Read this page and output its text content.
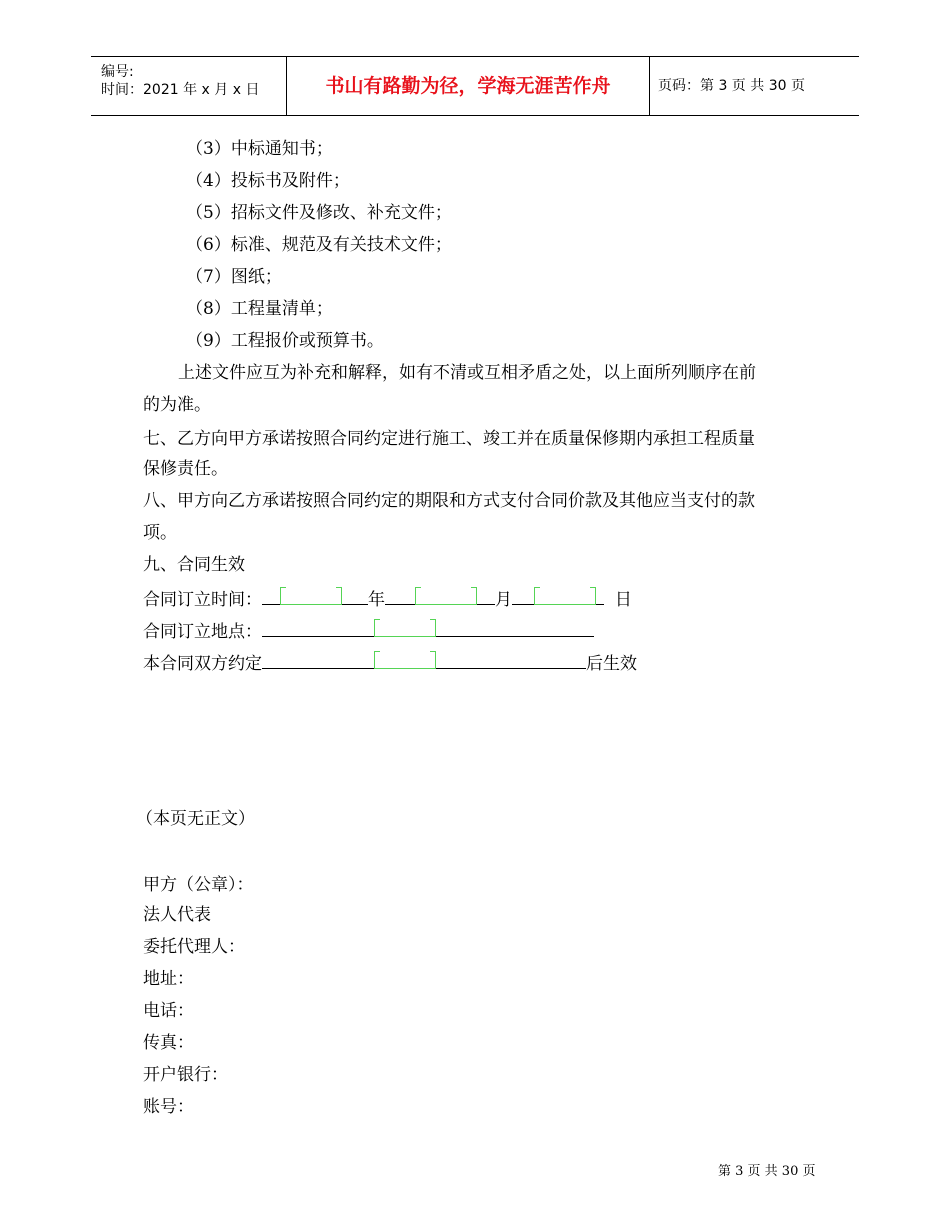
编号:
时间：2021 年 x 月 x 日	书山有路勤为径，学海无涯苦作舟	页码：第 3 页 共 30 页
（3）中标通知书；
（4）投标书及附件；
（5）招标文件及修改、补充文件；
（6）标准、规范及有关技术文件；
（7）图纸；
（8）工程量清单；
（9）工程报价或预算书。
上述文件应互为补充和解释，如有不清或互相矛盾之处，以上面所列顺序在前
的为准。
七、乙方向甲方承诺按照合同约定进行施工、竣工并在质量保修期内承担工程质量
保修责任。
八、甲方向乙方承诺按照合同约定的期限和方式支付合同价款及其他应当支付的款
项。
九、合同生效
合同订立时间：	年	月	日
合同订立地点：
本合同双方约定	后生效
（本页无正文）
甲方（公章）：
法人代表
委托代理人：
地址：
电话：
传真：
开户银行：
账号：
第 3 页 共 30 页
